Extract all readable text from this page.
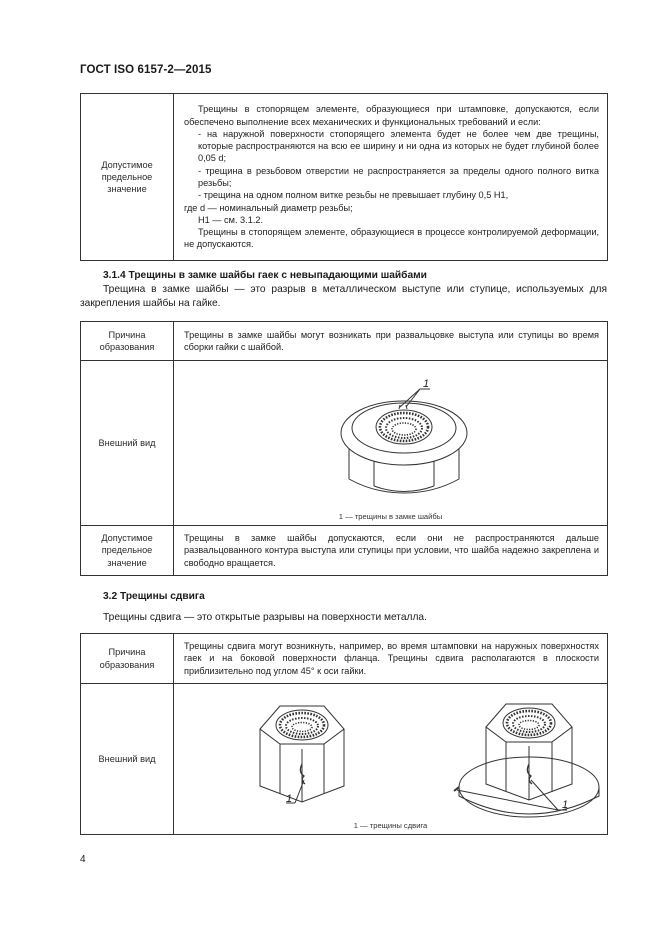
ГОСТ ISO 6157-2—2015
Допустимое предельное значение	

Трещины в стопорящем элементе, образующиеся при штамповке, допускаются, если обеспечено выполнение всех механических и функциональных требований и если:

- на наружной поверхности стопорящего элемента будет не более чем две трещины, которые распространяются на всю ее ширину и ни одна из которых не будет глубиной более 0,05 d;

- трещина в резьбовом отверстии не распространяется за пределы одного полного витка резьбы;

- трещина на одном полном витке резьбы не превышает глубину 0,5 H1,

где d — номинальный диаметр резьбы;

H1 — см. 3.1.2.

Трещины в стопорящем элементе, образующиеся в процессе контролируемой деформации, не допускаются.

3.1.4 Трещины в замке шайбы гаек с невыпадающими шайбами
Трещина в замке шайбы — это разрыв в металлическом выступе или ступице, используемых для закрепления шайбы на гайке.
Причина образования	Трещины в замке шайбы могут возникать при развальцовке выступа или ступицы во время сборки гайки с шайбой.
Внешний вид	1
1 — трещины в замке шайбы

Допустимое предельное значение	Трещины в замке шайбы допускаются, если они не распространяются дальше развальцованного контура выступа или ступицы при условии, что шайба надежно закреплена и свободно вращается.
3.2 Трещины сдвига
Трещины сдвига — это открытые разрывы на поверхности металла.
Причина образования	Трещины сдвига могут возникнуть, например, во время штамповки на наружных поверхностях гаек и на боковой поверхности фланца. Трещины сдвига располагаются в плоскости приблизительно под углом 45° к оси гайки.
Внешний вид	1 1
1 — трещины сдвига
4
